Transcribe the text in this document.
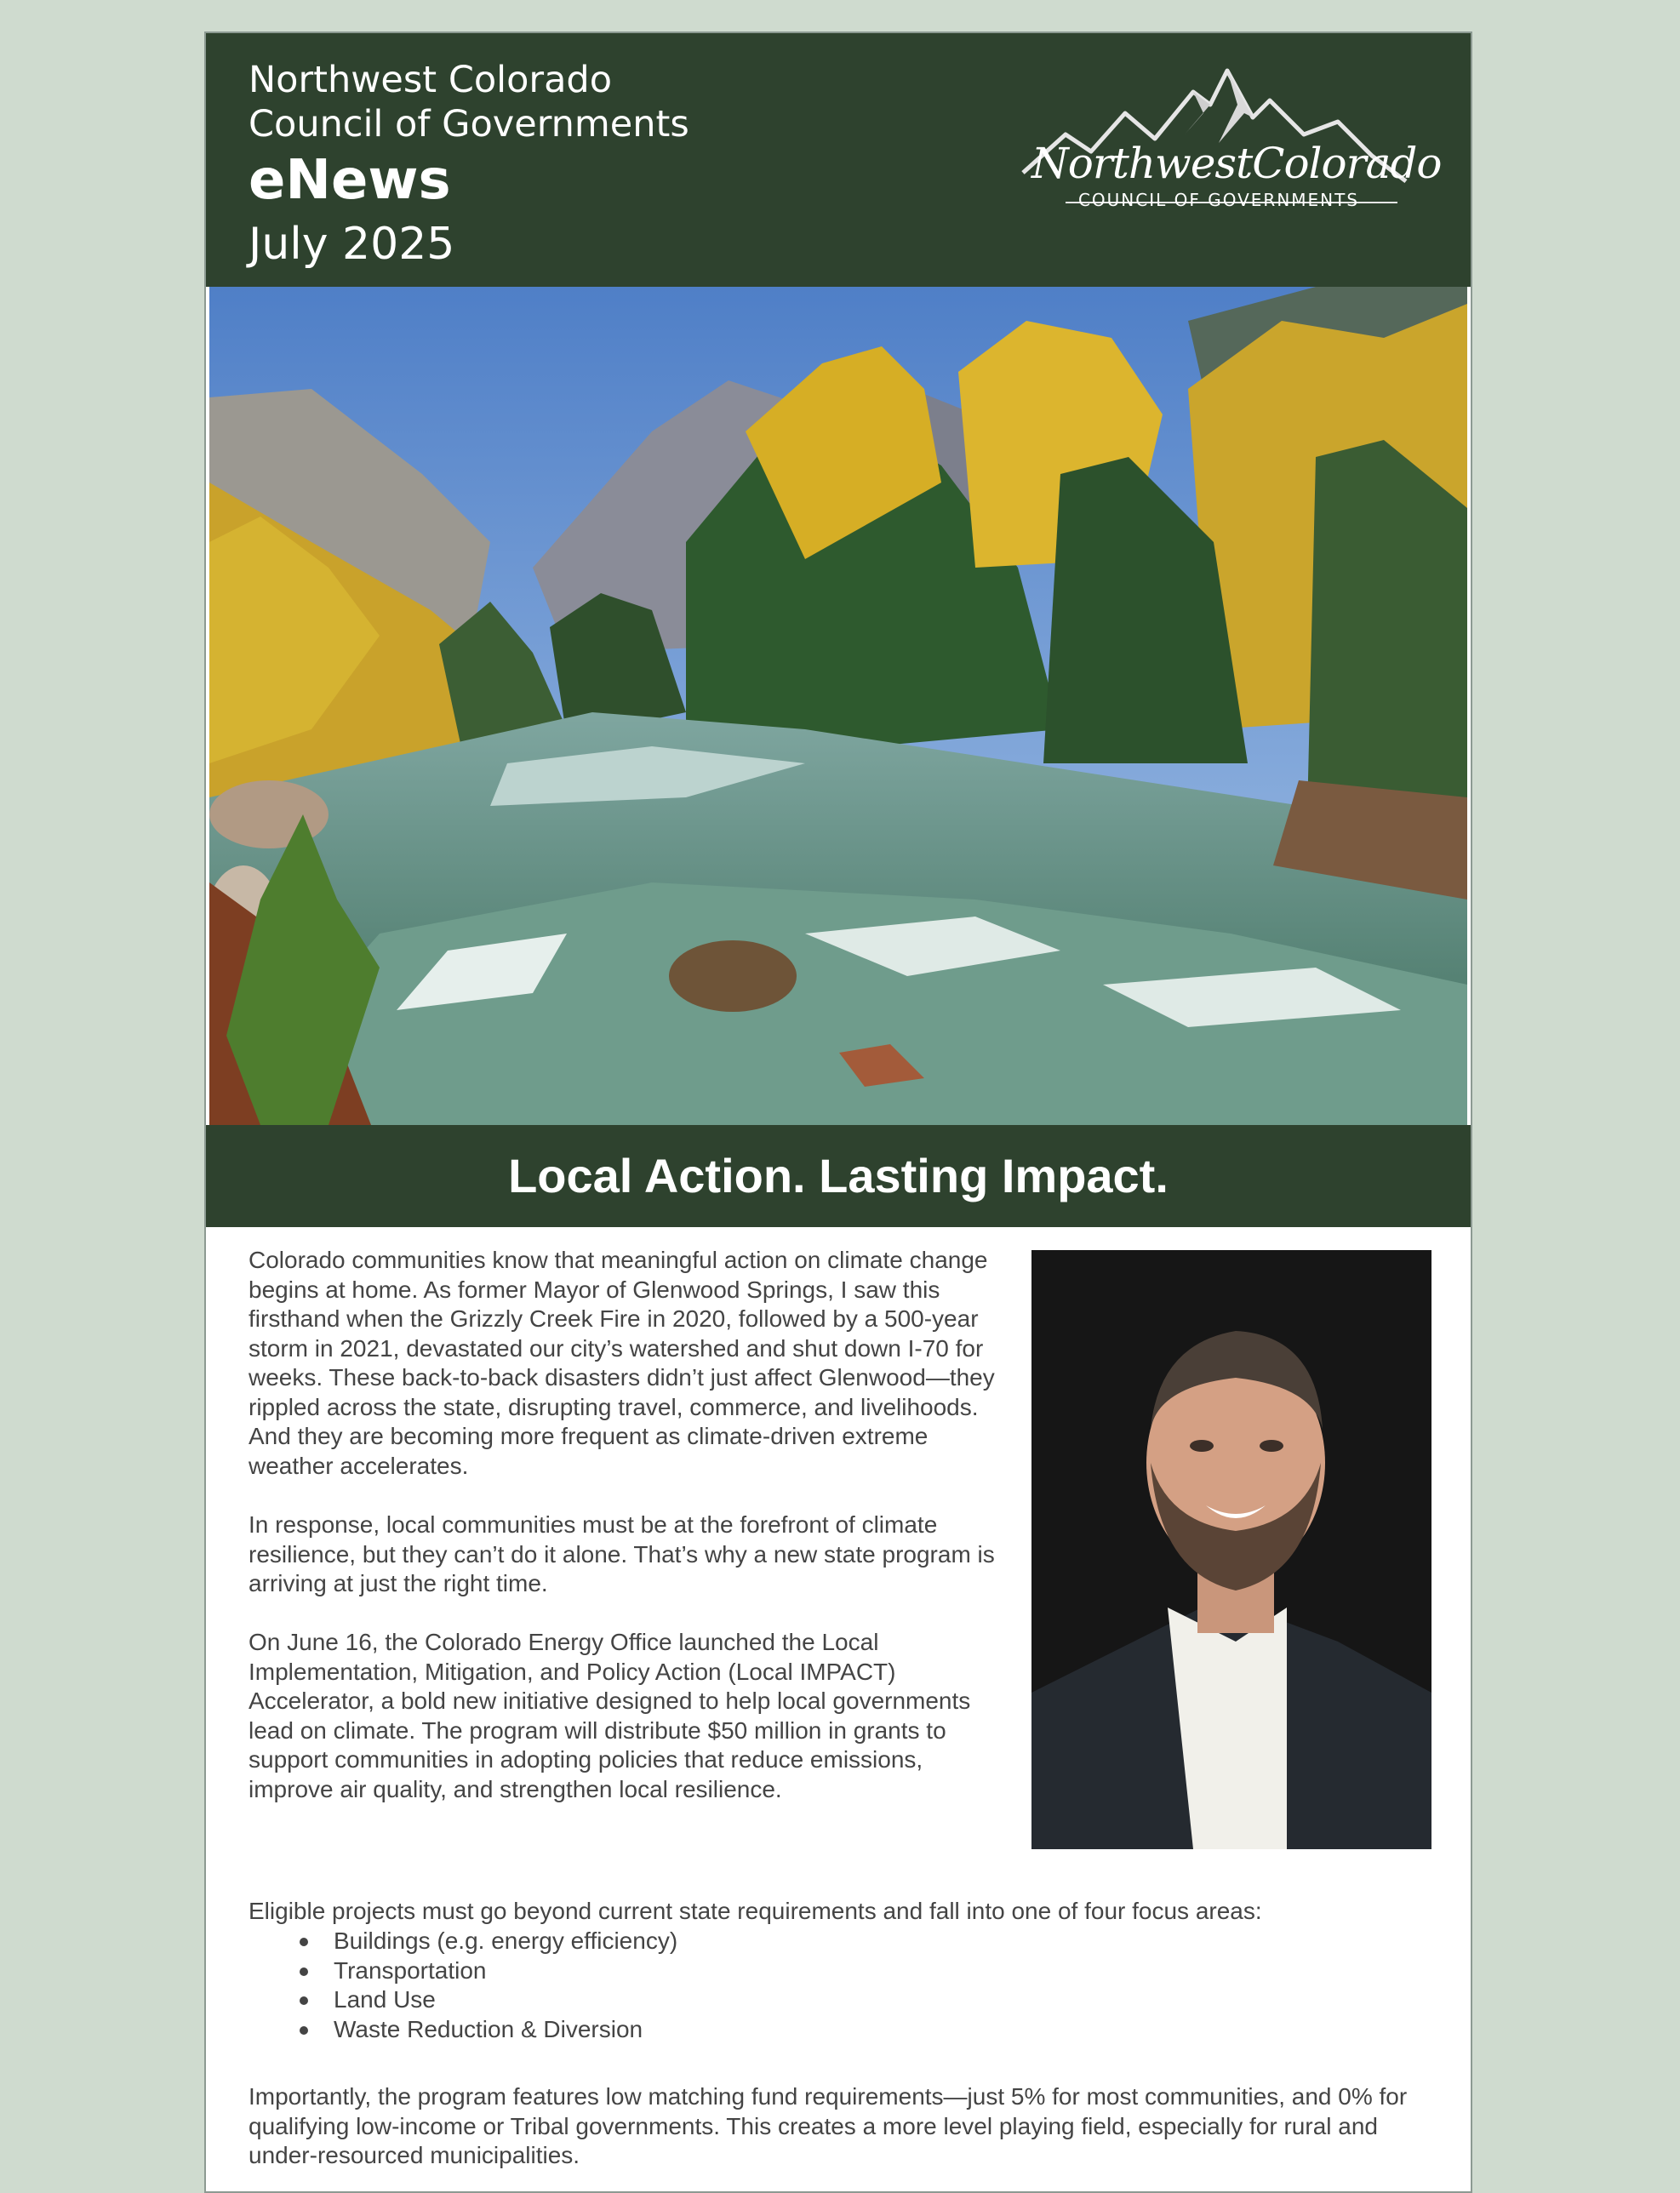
Northwest Colorado
Council of Governments
eNews
July 2025
NorthwestColorado
COUNCIL OF GOVERNMENTS
Local Action. Lasting Impact.

Colorado communities know that meaningful action on climate change begins at home. As former Mayor of Glenwood Springs, I saw this firsthand when the Grizzly Creek Fire in 2020, followed by a 500-year storm in 2021, devastated our city’s watershed and shut down I-70 for weeks. These back-to-back disasters didn’t just affect Glenwood—they rippled across the state, disrupting travel, commerce, and livelihoods. And they are becoming more frequent as climate-driven extreme weather accelerates.

In response, local communities must be at the forefront of climate resilience, but they can’t do it alone. That’s why a new state program is arriving at just the right time.

On June 16, the Colorado Energy Office launched the Local Implementation, Mitigation, and Policy Action (Local IMPACT) Accelerator, a bold new initiative designed to help local governments lead on climate. The program will distribute $50 million in grants to support communities in adopting policies that reduce emissions, improve air quality, and strengthen local resilience.

Eligible projects must go beyond current state requirements and fall into one of four focus areas:

Buildings (e.g. energy efficiency)
Transportation
Land Use
Waste Reduction & Diversion

Importantly, the program features low matching fund requirements—just 5% for most communities, and 0% for qualifying low-income or Tribal governments. This creates a more level playing field, especially for rural and under-resourced municipalities.
